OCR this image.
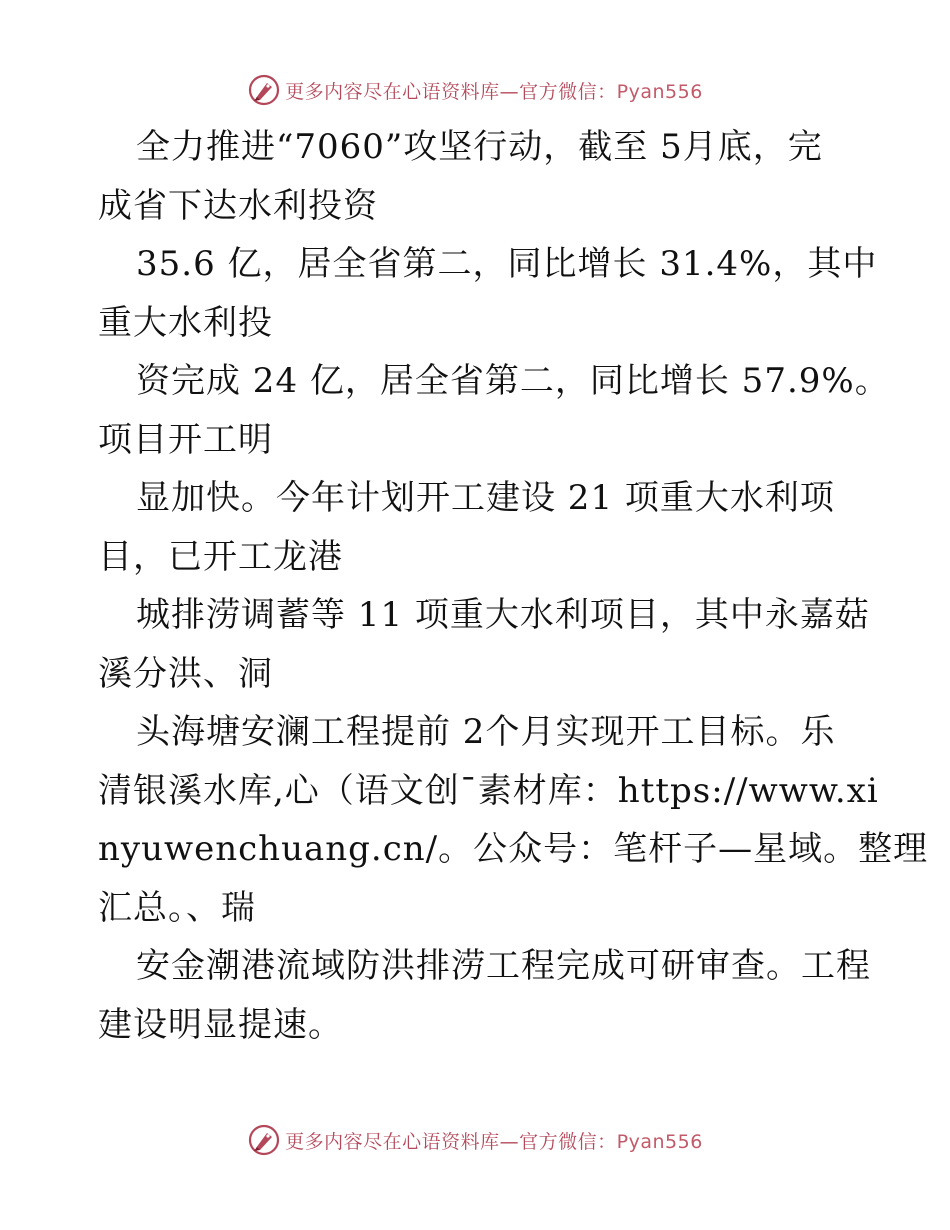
更多内容尽在心语资料库—官方微信：Pyan556
全力推进“7060”攻坚行动，截至 5月底，完
成省下达水利投资
35.6 亿，居全省第二，同比增长 31.4%，其中
重大水利投
资完成 24 亿，居全省第二，同比增长 57.9%。
项目开工明
显加快。今年计划开工建设 21 项重大水利项
目，已开工龙港
城排涝调蓄等 11 项重大水利项目，其中永嘉菇
溪分洪、洞
头海塘安澜工程提前 2个月实现开工目标。乐
清银溪水库,心（语文创¯素材库：https://www.xi
nyuwenchuang.cn/。公众号：笔杆子—星域。整理
汇总。、瑞
安金潮港流域防洪排涝工程完成可研审查。工程
建设明显提速。
更多内容尽在心语资料库—官方微信：Pyan556
